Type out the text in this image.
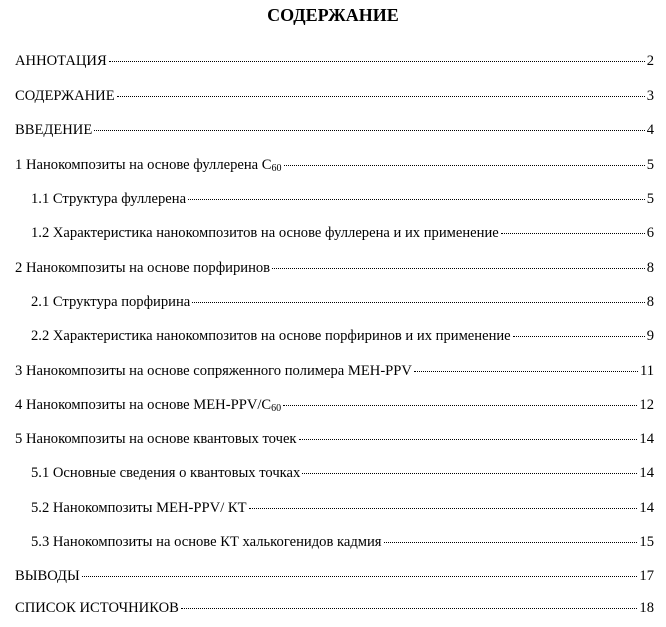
СОДЕРЖАНИЕ
АННОТАЦИЯ	2
СОДЕРЖАНИЕ	3
ВВЕДЕНИЕ	4
1 Нанокомпозиты на основе фуллерена $C_{60}$	5
1.1 Структура фуллерена	5
1.2 Характеристика нанокомпозитов на основе фуллерена и их применение	6
2 Нанокомпозиты на основе порфиринов	8
2.1 Структура порфирина	8
2.2 Характеристика нанокомпозитов на основе порфиринов и их применение	9
3 Нанокомпозиты на основе сопряженного полимера MEH-PPV	11
4 Нанокомпозиты на основе MEH-$PPV/C_{60}$	12
5 Нанокомпозиты на основе квантовых точек	14
5.1 Основные сведения о квантовых точках	14
5.2 Нанокомпозиты MEH-PPV/ КТ	14
5.3 Нанокомпозиты на основе КТ халькогенидов кадмия	15
ВЫВОДЫ	17
СПИСОК ИСТОЧНИКОВ	18
